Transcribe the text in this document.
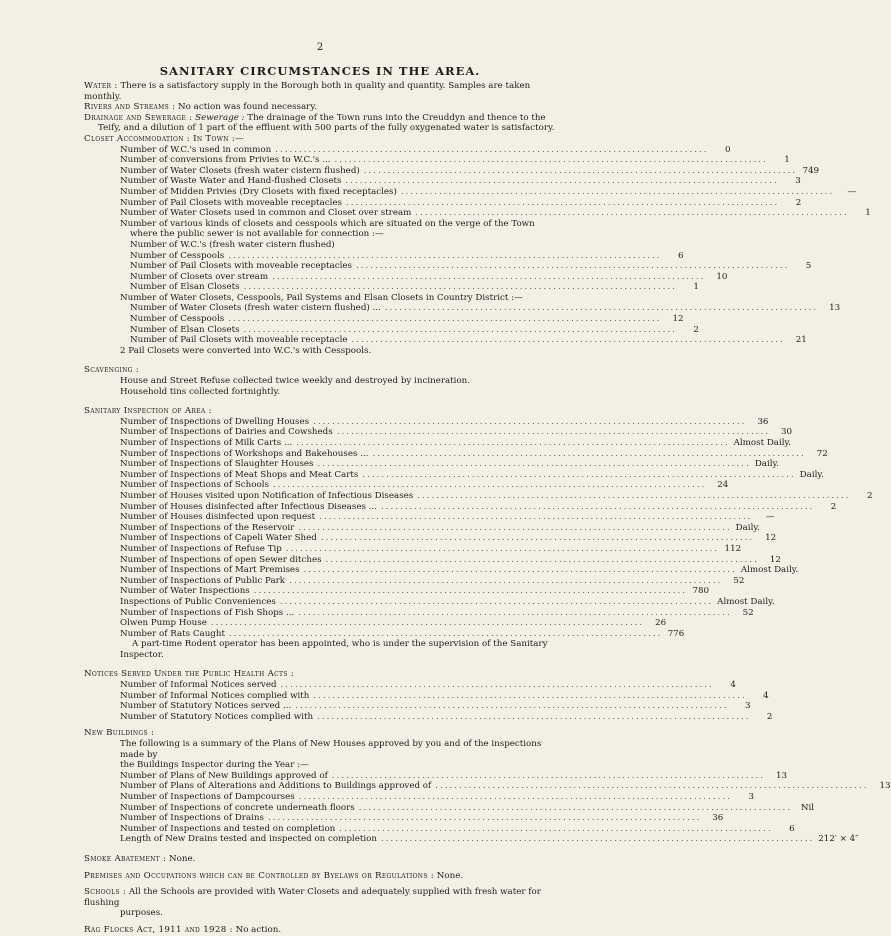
2
SANITARY CIRCUMSTANCES IN THE AREA.

Water : There is a satisfactory supply in the Borough both in quality and quantity. Samples are taken monthly.

Rivers and Streams : No action was found necessary.

Drainage and Sewerage : Sewerage : The drainage of the Town runs into the Creuddyn and thence to the Teify, and a dilution of 1 part of the effluent with 500 parts of the fully oxygenated water is satisfactory.

Closet Accommodation : In Town :—

Number of W.C.'s used in common ...........................................................................................	0
Number of conversions from Privies to W.C.'s ... ...........................................................................................	1
Number of Water Closets (fresh water cistern flushed) ........................................................................................... 749
Number of Waste Water and Hand-flushed Closets ...........................................................................................	3
Number of Midden Privies (Dry Closets with fixed receptacles) ...........................................................................................	—
Number of Pail Closets with moveable receptacles ...........................................................................................	2
Number of Water Closets used in common and Closet over stream ...........................................................................................	1

Number of various kinds of closets and cesspools which are situated on the verge of the Town

where the public sewer is not available for connection :—

Number of W.C.'s (fresh water cistern flushed)

Number of Cesspools ...........................................................................................	6
Number of Pail Closets with moveable receptacles ...........................................................................................	5
Number of Closets over stream ...........................................................................................	10
Number of Elsan Closets ...........................................................................................	1

Number of Water Closets, Cesspools, Pail Systems and Elsan Closets in Country District :—

Number of Water Closets (fresh water cistern flushed) ... ...........................................................................................	13
Number of Cesspools ...........................................................................................	12
Number of Elsan Closets ...........................................................................................	2
Number of Pail Closets with moveable receptacle ...........................................................................................	21

2 Pail Closets were converted into W.C.'s with Cesspools.

Scavenging :

House and Street Refuse collected twice weekly and destroyed by incineration.

Household tins collected fortnightly.

Sanitary Inspection of Area :

Number of Inspections of Dwelling Houses ...........................................................................................	36
Number of Inspections of Dairies and Cowsheds ...........................................................................................	30
Number of Inspections of Milk Carts ... ........................................................................................... Almost Daily.
Number of Inspections of Workshops and Bakehouses ... ...........................................................................................	72
Number of Inspections of Slaughter Houses ........................................................................................... Daily.
Number of Inspections of Meat Shops and Meat Carts ........................................................................................... Daily.
Number of Inspections of Schools ...........................................................................................	24
Number of Houses visited upon Notification of Infectious Diseases ...........................................................................................	2
Number of Houses disinfected after Infectious Diseases ... ...........................................................................................	2
Number of Houses disinfected upon request ...........................................................................................	—
Number of Inspections of the Reservoir ........................................................................................... Daily.
Number of Inspections of Capeli Water Shed ...........................................................................................	12
Number of Inspections of Refuse Tip ........................................................................................... 112
Number of Inspections of open Sewer ditches ...........................................................................................	12
Number of Inspections of Mart Premises ........................................................................................... Almost Daily.
Number of Inspections of Public Park ...........................................................................................	52
Number of Water Inspections ........................................................................................... 780
Inspections of Public Conveniences ........................................................................................... Almost Daily.
Number of Inspections of Fish Shops ... ...........................................................................................	52
Olwen Pump House ...........................................................................................	26
Number of Rats Caught ........................................................................................... 776

A part-time Rodent operator has been appointed, who is under the supervision of the Sanitary

Inspector.

Notices Served Under the Public Health Acts :

Number of Informal Notices served ...........................................................................................	4
Number of Informal Notices complied with ...........................................................................................	4
Number of Statutory Notices served ... ...........................................................................................	3
Number of Statutory Notices complied with ...........................................................................................	2

New Buildings :

The following is a summary of the Plans of New Houses approved by you and of the inspections made by

the Buildings Inspector during the Year :—

Number of Plans of New Buildings approved of ...........................................................................................	13
Number of Plans of Alterations and Additions to Buildings approved of ...........................................................................................	13
Number of Inspections of Dampcourses ...........................................................................................	3
Number of Inspections of concrete underneath floors ...........................................................................................	Nil
Number of Inspections of Drains ...........................................................................................	36
Number of Inspections and tested on completion ...........................................................................................	6
Length of New Drains tested and inspected on completion ........................................................................................... 212′ × 4″

Smoke Abatement : None.

Premises and Occupations which can be Controlled by Byelaws or Regulations : None.

Schools : All the Schools are provided with Water Closets and adequately supplied with fresh water for flushing

purposes.

Rag Flocks Act, 1911 and 1928 : No action.
